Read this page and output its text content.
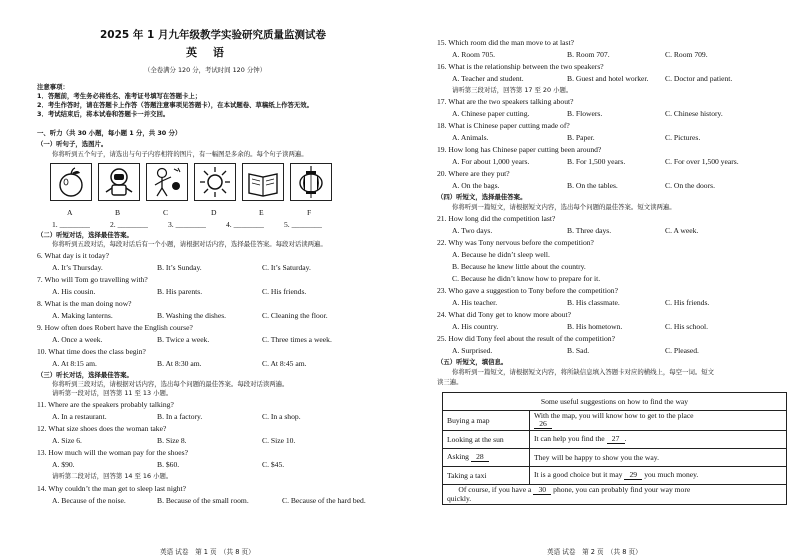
2025 年 1 月九年级教学实验研究质量监测试卷
英 语
（全卷满分 120 分，考试时间 120 分钟）
注意事项：
1．答题前，考生务必将姓名、准考证号填写在答题卡上；
2．考生作答时，请在答题卡上作答（答题注意事项见答题卡），在本试题卷、草稿纸上作答无效。
3．考试结束后，将本试卷和答题卡一并交回。
一、听力（共 30 小题，每小题 1 分，共 30 分）
（一）听句子，选图片。
你将听到五个句子，请选出与句子内容相符的图片，有一幅图是多余的。每个句子读两遍。
A	B	C	D	E	F
1. ________	2. ________	3. ________	4. ________	5. ________
（二）听短对话，选择最佳答案。
你将听到五段对话，每段对话后有一个小题，请根据对话内容，选择最佳答案。每段对话读两遍。
6. What day is it today?
A. It’s Thursday.	B. It’s Sunday.	C. It’s Saturday.
7. Who will Tom go travelling with?
A. His cousin.	B. His parents.	C. His friends.
8. What is the man doing now?
A. Making lanterns.	B. Washing the dishes.	C. Cleaning the floor.
9. How often does Robert have the English course?
A. Once a week.	B. Twice a week.	C. Three times a week.
10. What time does the class begin?
A. At 8:15 am.	B. At 8:30 am.	C. At 8:45 am.
（三）听长对话，选择最佳答案。
你将听到三段对话，请根据对话内容，选出每个问题的最佳答案。每段对话读两遍。
请听第一段对话，回答第 11 至 13 小题。
11. Where are the speakers probably talking?
A. In a restaurant.	B. In a factory.	C. In a shop.
12. What size shoes does the woman take?
A. Size 6.	B. Size 8.	C. Size 10.
13. How much will the woman pay for the shoes?
A. $90.	B. $60.	C. $45.
请听第二段对话，回答第 14 至 16 小题。
14. Why couldn’t the man get to sleep last night?
A. Because of the noise.	B. Because of the small room.	C. Because of the hard bed.
英语 试卷　第 1 页　（共 8 页）
15. Which room did the man move to at last?
A. Room 705.	B. Room 707.	C. Room 709.
16. What is the relationship between the two speakers?
A. Teacher and student.	B. Guest and hotel worker. C. Doctor and patient.
请听第三段对话，回答第 17 至 20 小题。
17. What are the two speakers talking about?
A. Chinese paper cutting.	B. Flowers.	C. Chinese history.
18. What is Chinese paper cutting made of?
A. Animals.	B. Paper.	C. Pictures.
19. How long has Chinese paper cutting been around?
A. For about 1,000 years.	B. For 1,500 years.	C. For over 1,500 years.
20. Where are they put?
A. On the bags.	B. On the tables.	C. On the doors.
（四）听短文，选择最佳答案。
你将听到一篇短文，请根据短文内容，选出每个问题的最佳答案。短文读两遍。
21. How long did the competition last?
A. Two days.	B. Three days.	C. A week.
22. Why was Tony nervous before the competition?
A. Because he didn’t sleep well.
B. Because he knew little about the country.
C. Because he didn’t know how to prepare for it.
23. Who gave a suggestion to Tony before the competition?
A. His teacher.	B. His classmate.	C. His friends.
24. What did Tony get to know more about?
A. His country.	B. His hometown.	C. His school.
25. How did Tony feel about the result of the competition?
A. Surprised.	B. Sad.	C. Pleased.
（五）听短文，填信息。
你将听到一篇短文，请根据短文内容，将所缺信息填入答题卡对应的横线上，每空一词。短文
读三遍。
Some useful suggestions on how to find the way	
Buying a map	With the map, you will know how to get to the place
26
Looking at the sun	It can help you find the 27 .
Asking 28	They will be happy to show you the way.
Taking a taxi	It is a good choice but it may 29 you much money.
Of course, if you have a 30 phone, you can probably find your way more
quickly.	
英语 试卷　第 2 页　（共 8 页）
